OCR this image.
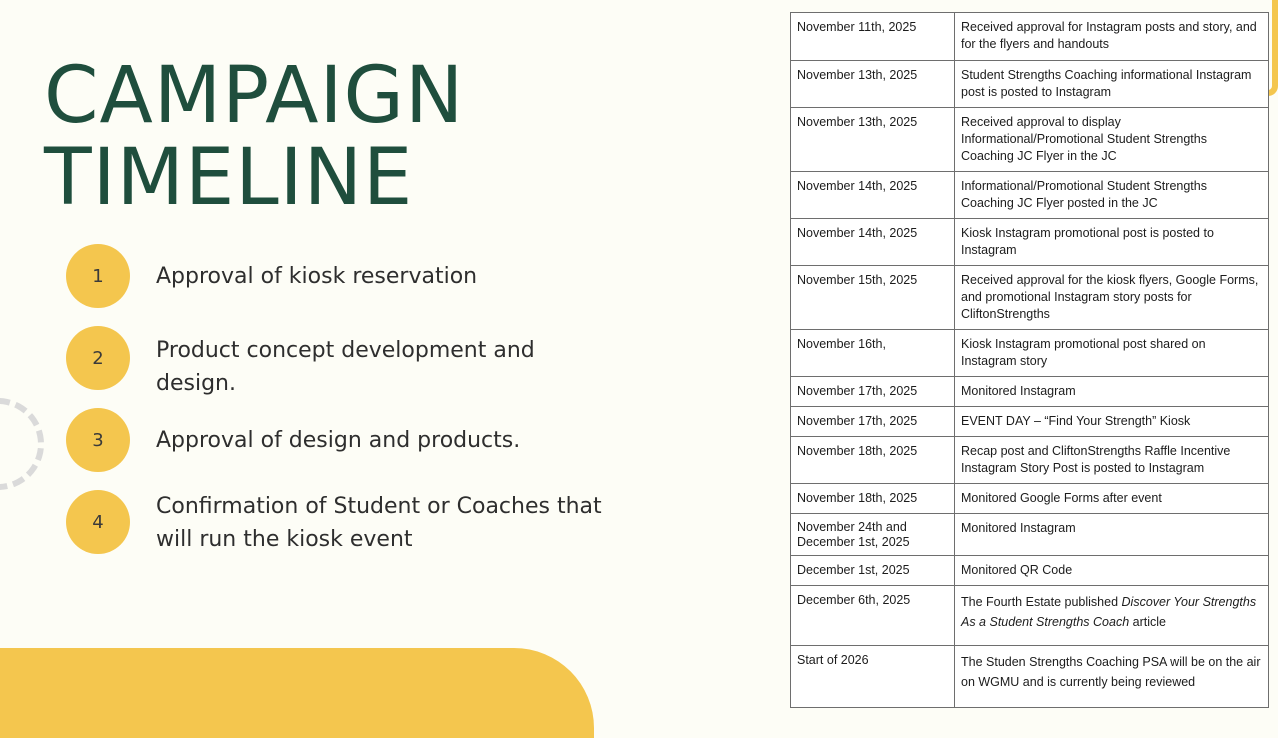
CAMPAIGN
TIMELINE
1	Approval of kiosk reservation
2	Product concept development and design.
3	Approval of design and products.
4
Confirmation of Student or Coaches that will run the kiosk event
November 11th, 2025	Received approval for Instagram posts and story, and for the flyers and handouts
November 13th, 2025	Student Strengths Coaching informational Instagram post is posted to Instagram
November 13th, 2025	Received approval to display Informational/Promotional Student Strengths Coaching JC Flyer in the JC
November 14th, 2025	Informational/Promotional Student Strengths Coaching JC Flyer posted in the JC
November 14th, 2025	Kiosk Instagram promotional post is posted to Instagram
November 15th, 2025	Received approval for the kiosk flyers, Google Forms, and promotional Instagram story posts for CliftonStrengths
November 16th,	Kiosk Instagram promotional post shared on Instagram story
November 17th, 2025	Monitored Instagram
November 17th, 2025	EVENT DAY – “Find Your Strength” Kiosk
November 18th, 2025	Recap post and CliftonStrengths Raffle Incentive Instagram Story Post is posted to Instagram
November 18th, 2025	Monitored Google Forms after event
November 24th and December 1st, 2025	Monitored Instagram
December 1st, 2025	Monitored QR Code
December 6th, 2025	The Fourth Estate published Discover Your Strengths As a Student Strengths Coach article
Start of 2026	The Studen Strengths Coaching PSA will be on the air on WGMU and is currently being reviewed
